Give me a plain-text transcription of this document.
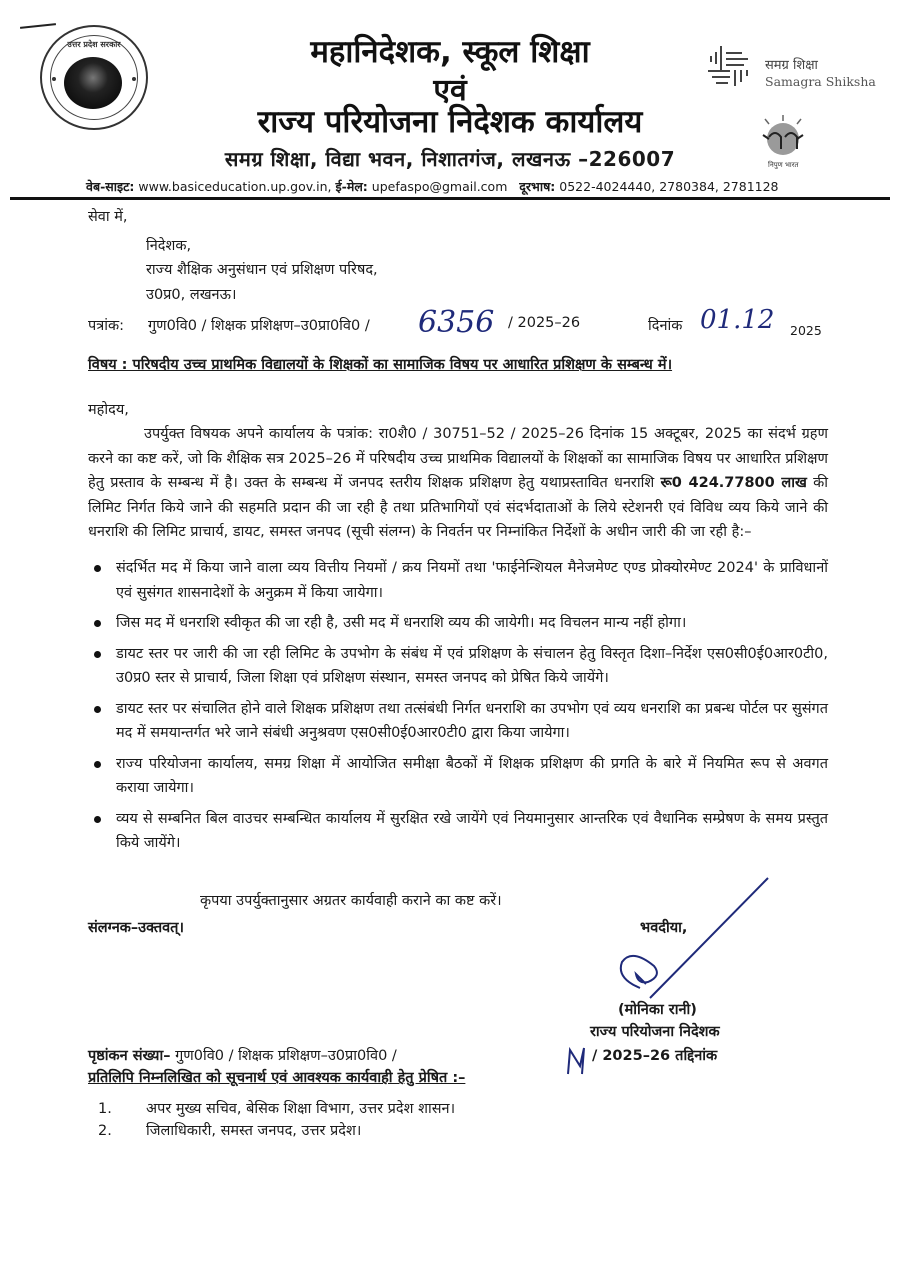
उत्तर प्रदेश सरकार	महानिदेशक, स्कूल शिक्षा
एवं
राज्य परियोजना निदेशक कार्यालय
समग्र शिक्षा, विद्या भवन, निशातगंज, लखनऊ –226007
समग्र शिक्षा
Samagra Shiksha
निपुण भारत
वेब-साइट: www.basiceducation.up.gov.in, ई-मेल: upefaspo@gmail.com दूरभाष: 0522-4024440, 2780384, 2781128
सेवा में,
निदेशक,
राज्य शैक्षिक अनुसंधान एवं प्रशिक्षण परिषद,
उ0प्र0, लखनऊ।
पत्रांक: गुण0वि0 / शिक्षक प्रशिक्षण–उ0प्रा0वि0 / 6356 / 2025–26	दिनांक 01.12 2025
विषय : परिषदीय उच्च प्राथमिक विद्यालयों के शिक्षकों का सामाजिक विषय पर आधारित प्रशिक्षण के सम्बन्ध में।
महोदय,
उपर्युक्त विषयक अपने कार्यालय के पत्रांक: रा0शै0 / 30751–52 / 2025–26 दिनांक 15 अक्टूबर, 2025 का संदर्भ ग्रहण करने का कष्ट करें, जो कि शैक्षिक सत्र 2025–26 में परिषदीय उच्च प्राथमिक विद्यालयों के शिक्षकों का सामाजिक विषय पर आधारित प्रशिक्षण हेतु प्रस्ताव के सम्बन्ध में है। उक्त के सम्बन्ध में जनपद स्तरीय शिक्षक प्रशिक्षण हेतु यथाप्रस्तावित धनराशि रू0 424.77800 लाख की लिमिट निर्गत किये जाने की सहमति प्रदान की जा रही है तथा प्रतिभागियों एवं संदर्भदाताओं के लिये स्टेशनरी एवं विविध व्यय किये जाने की धनराशि की लिमिट प्राचार्य, डायट, समस्त जनपद (सूची संलग्न) के निवर्तन पर निम्नांकित निर्देशों के अधीन जारी की जा रही है:–
संदर्भित मद में किया जाने वाला व्यय वित्तीय नियमों / क्रय नियमों तथा 'फाईनेन्शियल मैनेजमेण्ट एण्ड प्रोक्योरमेण्ट 2024' के प्राविधानों एवं सुसंगत शासनादेशों के अनुक्रम में किया जायेगा।
जिस मद में धनराशि स्वीकृत की जा रही है, उसी मद में धनराशि व्यय की जायेगी। मद विचलन मान्य नहीं होगा।
डायट स्तर पर जारी की जा रही लिमिट के उपभोग के संबंध में एवं प्रशिक्षण के संचालन हेतु विस्तृत दिशा–निर्देश एस0सी0ई0आर0टी0, उ0प्र0 स्तर से प्राचार्य, जिला शिक्षा एवं प्रशिक्षण संस्थान, समस्त जनपद को प्रेषित किये जायेंगे।
डायट स्तर पर संचालित होने वाले शिक्षक प्रशिक्षण तथा तत्संबंधी निर्गत धनराशि का उपभोग एवं व्यय धनराशि का प्रबन्ध पोर्टल पर सुसंगत मद में समयान्तर्गत भरे जाने संबंधी अनुश्रवण एस0सी0ई0आर0टी0 द्वारा किया जायेगा।
राज्य परियोजना कार्यालय, समग्र शिक्षा में आयोजित समीक्षा बैठकों में शिक्षक प्रशिक्षण की प्रगति के बारे में नियमित रूप से अवगत कराया जायेगा।
व्यय से सम्बनित बिल वाउचर सम्बन्धित कार्यालय में सुरक्षित रखे जायेंगे एवं नियमानुसार आन्तरिक एवं वैधानिक सम्प्रेषण के समय प्रस्तुत किये जायेंगे।
कृपया उपर्युक्तानुसार अग्रतर कार्यवाही कराने का कष्ट करें।
संलग्नक–उक्तवत्।	भवदीया,
(मोनिका रानी)
राज्य परियोजना निदेशक
पृष्ठांकन संख्या– गुण0वि0 / शिक्षक प्रशिक्षण–उ0प्रा0वि0 /	/ 2025–26 तद्दिनांक
प्रतिलिपि निम्नलिखित को सूचनार्थ एवं आवश्यक कार्यवाही हेतु प्रेषित :–
1. अपर मुख्य सचिव, बेसिक शिक्षा विभाग, उत्तर प्रदेश शासन।
2. जिलाधिकारी, समस्त जनपद, उत्तर प्रदेश।
